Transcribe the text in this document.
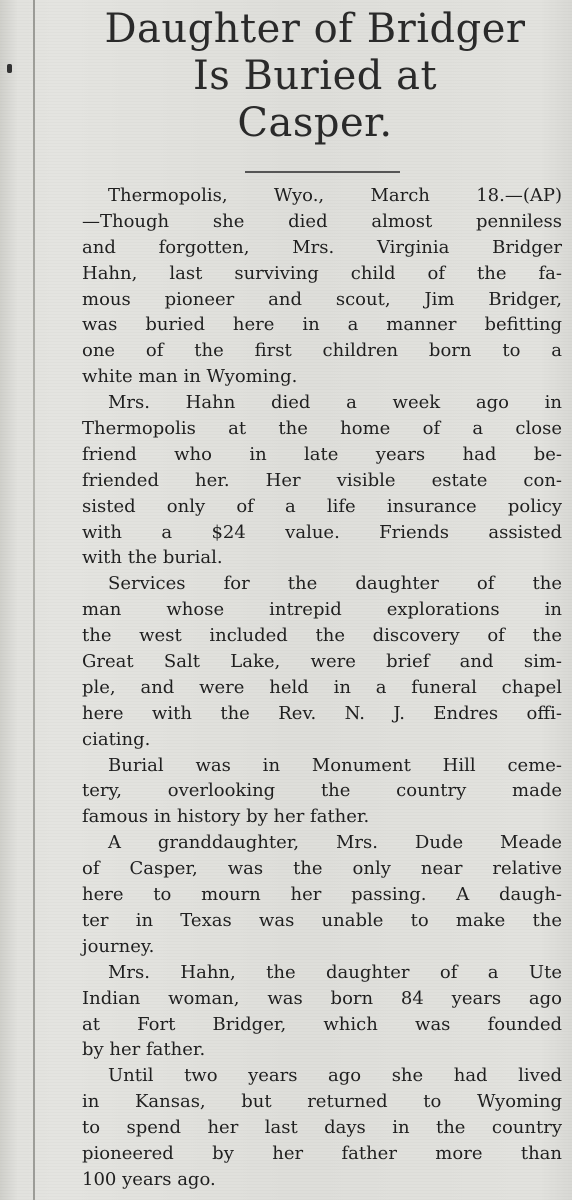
Daughter of Bridger
Is Buried at
Casper.
Thermopolis, Wyo., March 18.—(AP)
—Though she died almost penniless
and forgotten, Mrs. Virginia Bridger
Hahn, last surviving child of the fa-
mous pioneer and scout, Jim Bridger,
was buried here in a manner befitting
one of the first children born to a
white man in Wyoming.
Mrs. Hahn died a week ago in
Thermopolis at the home of a close
friend who in late years had be-
friended her. Her visible estate con-
sisted only of a life insurance policy
with a $24 value. Friends assisted
with the burial.
Services for the daughter of the
man whose intrepid explorations in
the west included the discovery of the
Great Salt Lake, were brief and sim-
ple, and were held in a funeral chapel
here with the Rev. N. J. Endres offi-
ciating.
Burial was in Monument Hill ceme-
tery, overlooking the country made
famous in history by her father.
A granddaughter, Mrs. Dude Meade
of Casper, was the only near relative
here to mourn her passing. A daugh-
ter in Texas was unable to make the
journey.
Mrs. Hahn, the daughter of a Ute
Indian woman, was born 84 years ago
at Fort Bridger, which was founded
by her father.
Until two years ago she had lived
in Kansas, but returned to Wyoming
to spend her last days in the country
pioneered by her father more than
100 years ago.
